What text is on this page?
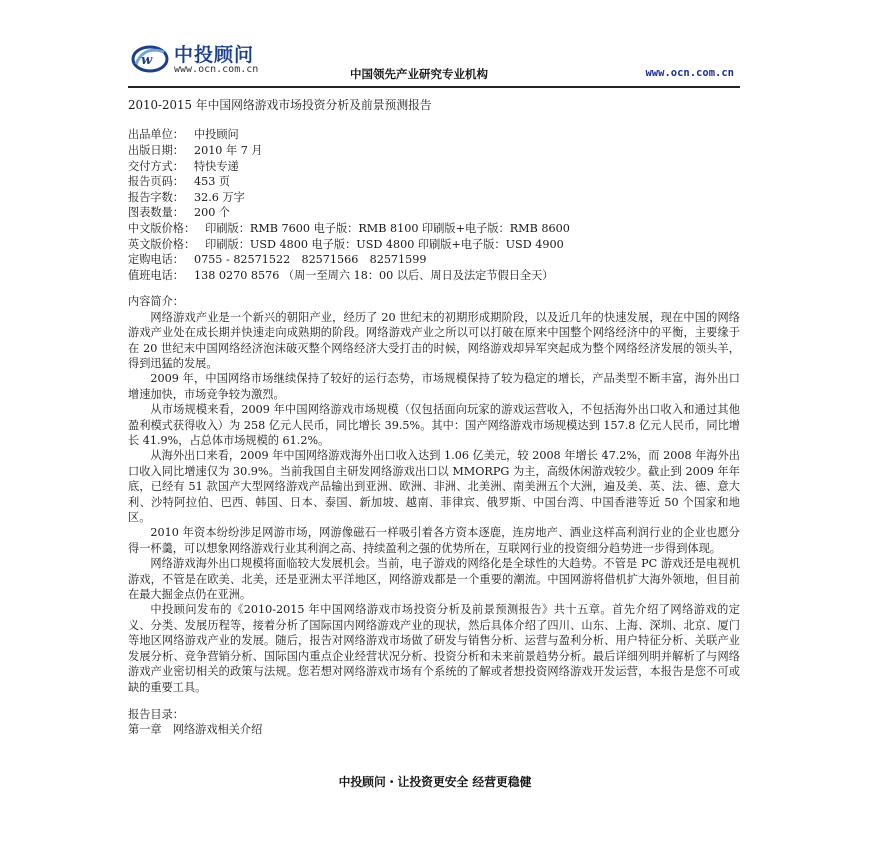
w 中投顾问
www.ocn.com.cn	中国领先产业研究专业机构	www.ocn.com.cn
2010-2015 年中国网络游戏市场投资分析及前景预测报告
出品单位： 中投顾问
出版日期： 2010 年 7 月
交付方式： 特快专递
报告页码： 453 页
报告字数： 32.6 万字
图表数量： 200 个
中文版价格： 印刷版：RMB 7600 电子版：RMB 8100 印刷版+电子版：RMB 8600
英文版价格： 印刷版：USD 4800 电子版：USD 4800 印刷版+电子版：USD 4900
定购电话： 0755 - 82571522　82571566　82571599
值班电话： 138 0270 8576 （周一至周六 18：00 以后、周日及法定节假日全天）

内容简介：

网络游戏产业是一个新兴的朝阳产业，经历了 20 世纪末的初期形成期阶段，以及近几年的快速发展，现在中国的网络游戏产业处在成长期并快速走向成熟期的阶段。网络游戏产业之所以可以打破在原来中国整个网络经济中的平衡，主要缘于在 20 世纪末中国网络经济泡沫破灭整个网络经济大受打击的时候，网络游戏却异军突起成为整个网络经济发展的领头羊，得到迅猛的发展。

2009 年，中国网络市场继续保持了较好的运行态势，市场规模保持了较为稳定的增长，产品类型不断丰富，海外出口增速加快，市场竞争较为激烈。

从市场规模来看，2009 年中国网络游戏市场规模（仅包括面向玩家的游戏运营收入，不包括海外出口收入和通过其他盈利模式获得收入）为 258 亿元人民币，同比增长 39.5%。其中：国产网络游戏市场规模达到 157.8 亿元人民币，同比增长 41.9%，占总体市场规模的 61.2%。

从海外出口来看，2009 年中国网络游戏海外出口收入达到 1.06 亿美元，较 2008 年增长 47.2%，而 2008 年海外出口收入同比增速仅为 30.9%。当前我国自主研发网络游戏出口以 MMORPG 为主，高级休闲游戏较少。截止到 2009 年年底，已经有 51 款国产大型网络游戏产品输出到亚洲、欧洲、非洲、北美洲、南美洲五个大洲，遍及美、英、法、德、意大利、沙特阿拉伯、巴西、韩国、日本、泰国、新加坡、越南、菲律宾、俄罗斯、中国台湾、中国香港等近 50 个国家和地区。

2010 年资本纷纷涉足网游市场，网游像磁石一样吸引着各方资本逐鹿，连房地产、酒业这样高利润行业的企业也愿分得一杯羹，可以想象网络游戏行业其利润之高、持续盈利之强的优势所在，互联网行业的投资细分趋势进一步得到体现。

网络游戏海外出口规模将面临较大发展机会。当前，电子游戏的网络化是全球性的大趋势。不管是 PC 游戏还是电视机游戏，不管是在欧美、北美，还是亚洲太平洋地区，网络游戏都是一个重要的潮流。中国网游将借机扩大海外领地，但目前在最大掘金点仍在亚洲。

中投顾问发布的《2010-2015 年中国网络游戏市场投资分析及前景预测报告》共十五章。首先介绍了网络游戏的定义、分类、发展历程等，接着分析了国际国内网络游戏产业的现状，然后具体介绍了四川、山东、上海、深圳、北京、厦门等地区网络游戏产业的发展。随后，报告对网络游戏市场做了研发与销售分析、运营与盈利分析、用户特征分析、关联产业发展分析、竞争营销分析、国际国内重点企业经营状况分析、投资分析和未来前景趋势分析。最后详细列明并解析了与网络游戏产业密切相关的政策与法规。您若想对网络游戏市场有个系统的了解或者想投资网络游戏开发运营，本报告是您不可或缺的重要工具。

报告目录：

第一章　网络游戏相关介绍
中投顾问・让投资更安全 经营更稳健
